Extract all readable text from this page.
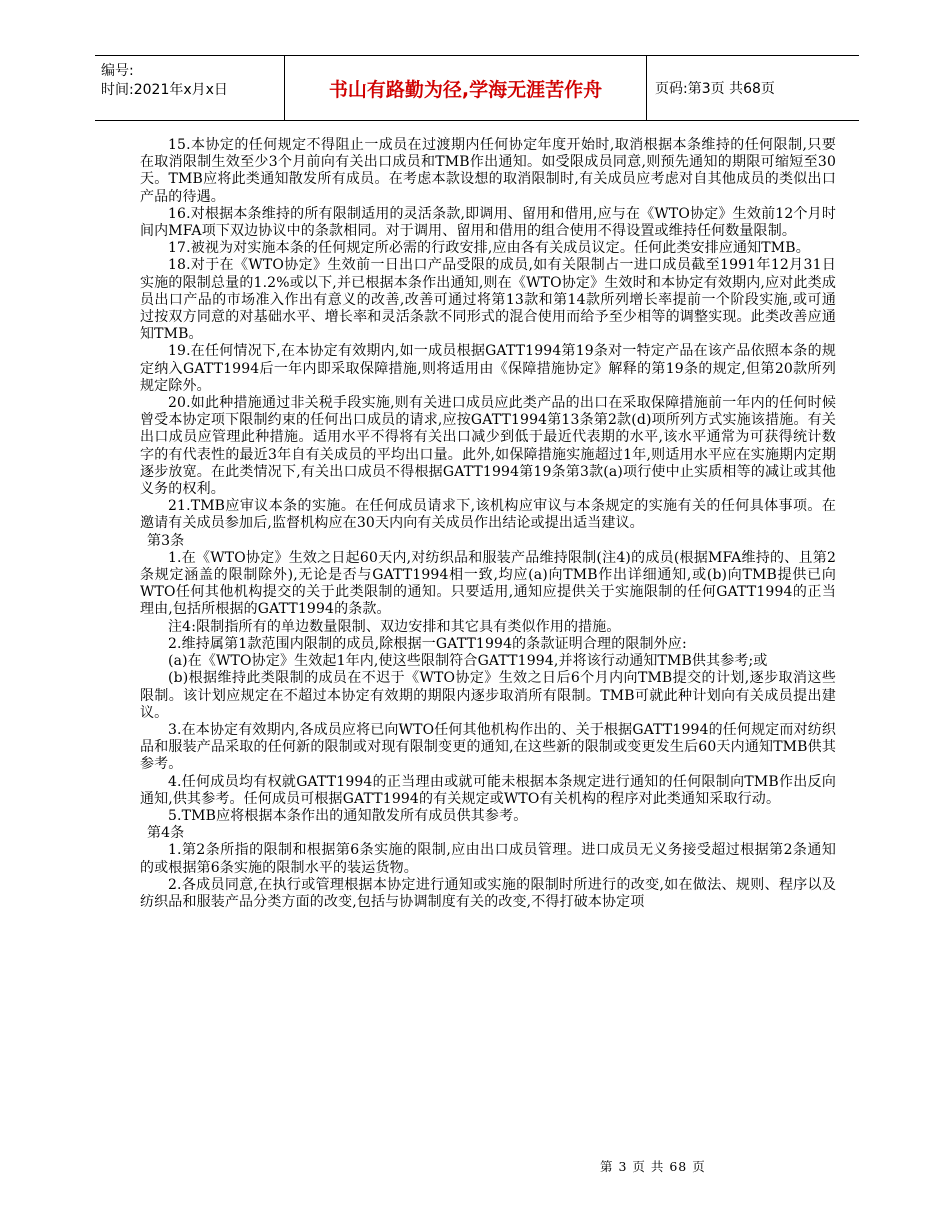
编号:
时间:2021年x月x日	书山有路勤为径,学海无涯苦作舟	页码:第3页 共68页

15.本协定的任何规定不得阻止一成员在过渡期内任何协定年度开始时,取消根据本条维持的任何限制,只要在取消限制生效至少3个月前向有关出口成员和TMB作出通知。如受限成员同意,则预先通知的期限可缩短至30天。TMB应将此类通知散发所有成员。在考虑本款设想的取消限制时,有关成员应考虑对自其他成员的类似出口产品的待遇。

16.对根据本条维持的所有限制适用的灵活条款,即调用、留用和借用,应与在《WTO协定》生效前12个月时间内MFA项下双边协议中的条款相同。对于调用、留用和借用的组合使用不得设置或维持任何数量限制。

17.被视为对实施本条的任何规定所必需的行政安排,应由各有关成员议定。任何此类安排应通知TMB。

18.对于在《WTO协定》生效前一日出口产品受限的成员,如有关限制占一进口成员截至1991年12月31日实施的限制总量的1.2%或以下,并已根据本条作出通知,则在《WTO协定》生效时和本协定有效期内,应对此类成员出口产品的市场准入作出有意义的改善,改善可通过将第13款和第14款所列增长率提前一个阶段实施,或可通过按双方同意的对基础水平、增长率和灵活条款不同形式的混合使用而给予至少相等的调整实现。此类改善应通知TMB。

19.在任何情况下,在本协定有效期内,如一成员根据GATT1994第19条对一特定产品在该产品依照本条的规定纳入GATT1994后一年内即采取保障措施,则将适用由《保障措施协定》解释的第19条的规定,但第20款所列规定除外。

20.如此种措施通过非关税手段实施,则有关进口成员应此类产品的出口在采取保障措施前一年内的任何时候曾受本协定项下限制约束的任何出口成员的请求,应按GATT1994第13条第2款(d)项所列方式实施该措施。有关出口成员应管理此种措施。适用水平不得将有关出口减少到低于最近代表期的水平,该水平通常为可获得统计数字的有代表性的最近3年自有关成员的平均出口量。此外,如保障措施实施超过1年,则适用水平应在实施期内定期逐步放宽。在此类情况下,有关出口成员不得根据GATT1994第19条第3款(a)项行使中止实质相等的减让或其他义务的权利。

21.TMB应审议本条的实施。在任何成员请求下,该机构应审议与本条规定的实施有关的任何具体事项。在邀请有关成员参加后,监督机构应在30天内向有关成员作出结论或提出适当建议。

第3条

1.在《WTO协定》生效之日起60天内,对纺织品和服装产品维持限制(注4)的成员(根据MFA维持的、且第2条规定涵盖的限制除外),无论是否与GATT1994相一致,均应(a)向TMB作出详细通知,或(b)向TMB提供已向WTO任何其他机构提交的关于此类限制的通知。只要适用,通知应提供关于实施限制的任何GATT1994的正当理由,包括所根据的GATT1994的条款。

注4:限制指所有的单边数量限制、双边安排和其它具有类似作用的措施。

2.维持属第1款范围内限制的成员,除根据一GATT1994的条款证明合理的限制外应:

(a)在《WTO协定》生效起1年内,使这些限制符合GATT1994,并将该行动通知TMB供其参考;或

(b)根据维持此类限制的成员在不迟于《WTO协定》生效之日后6个月内向TMB提交的计划,逐步取消这些限制。该计划应规定在不超过本协定有效期的期限内逐步取消所有限制。TMB可就此种计划向有关成员提出建议。

3.在本协定有效期内,各成员应将已向WTO任何其他机构作出的、关于根据GATT1994的任何规定而对纺织品和服装产品采取的任何新的限制或对现有限制变更的通知,在这些新的限制或变更发生后60天内通知TMB供其参考。

4.任何成员均有权就GATT1994的正当理由或就可能未根据本条规定进行通知的任何限制向TMB作出反向通知,供其参考。任何成员可根据GATT1994的有关规定或WTO有关机构的程序对此类通知采取行动。

5.TMB应将根据本条作出的通知散发所有成员供其参考。

第4条

1.第2条所指的限制和根据第6条实施的限制,应由出口成员管理。进口成员无义务接受超过根据第2条通知的或根据第6条实施的限制水平的装运货物。

2.各成员同意,在执行或管理根据本协定进行通知或实施的限制时所进行的改变,如在做法、规则、程序以及纺织品和服装产品分类方面的改变,包括与协调制度有关的改变,不得打破本协定项

第 3 页 共 68 页
